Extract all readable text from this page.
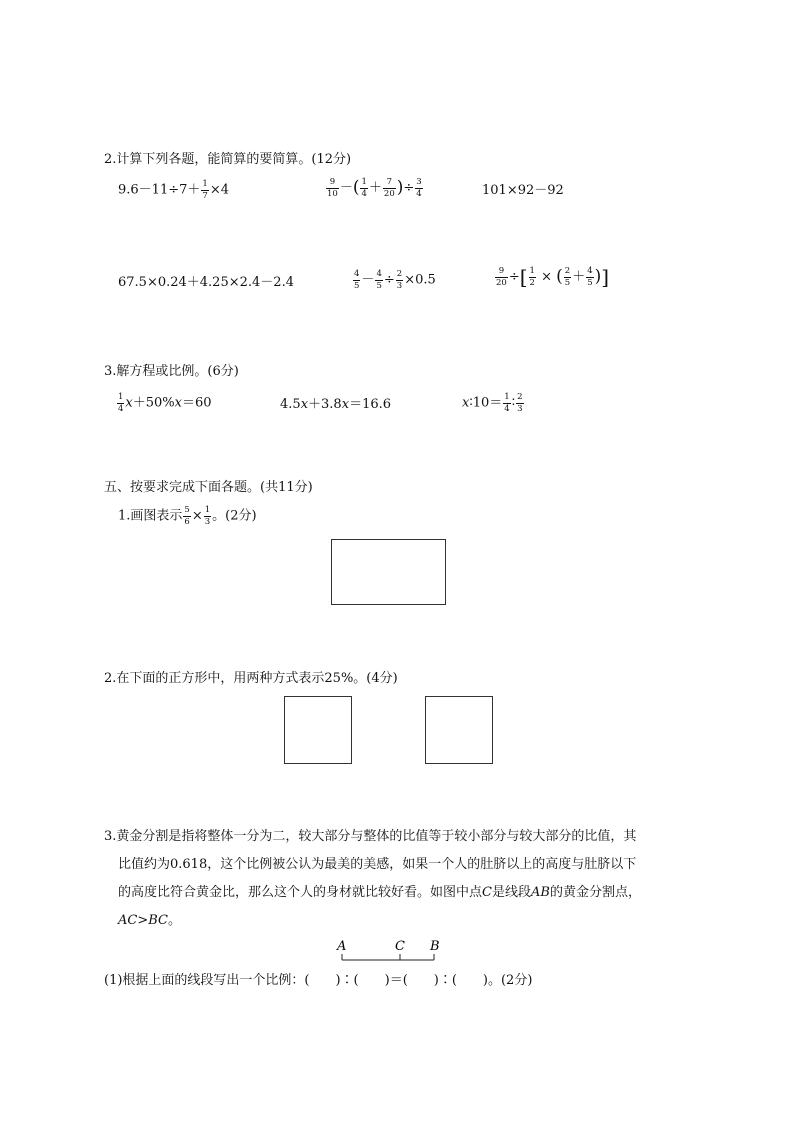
2.计算下列各题，能简算的要简算。(12分)
$9.6-11\div 7+ \frac{1}{7} \times 4$	$\frac{9}{10}$ －( $\frac{1}{4} + \frac{7}{20}$ )÷ $\frac{3}{4}$	101×92－92
67.5×0.24＋4.25×2.4－2.4	$\frac{4}{5} - \frac{4}{5} \div \frac{2}{3} \times 0.5$	$\frac{9}{20}$ ÷[ $\frac{1}{2}$ × ( $\frac{2}{5} + \frac{4}{5}$ )]
3.解方程或比例。(6分)
$\frac{1}{4} x+50\%x=60$	4.5x＋3.8x＝16.6	x∶10＝ $\frac{1}{4}$ ∶ $\frac{2}{3}$
五、按要求完成下面各题。(共11分)
1.画图表示 $\frac{5}{6} \times \frac{1}{3}$ 。(2分)
2.在下面的正方形中，用两种方式表示25%。(4分)
3.黄金分割是指将整体一分为二，较大部分与整体的比值等于较小部分与较大部分的比值，其
比值约为0.618，这个比例被公认为最美的美感，如果一个人的肚脐以上的高度与肚脐以下
的高度比符合黄金比，那么这个人的身材就比较好看。如图中点C是线段AB的黄金分割点，
AC>BC。
A	C B
(1)根据上面的线段写出一个比例：(　　)∶(　　)＝(　　)∶(　　)。(2分)
